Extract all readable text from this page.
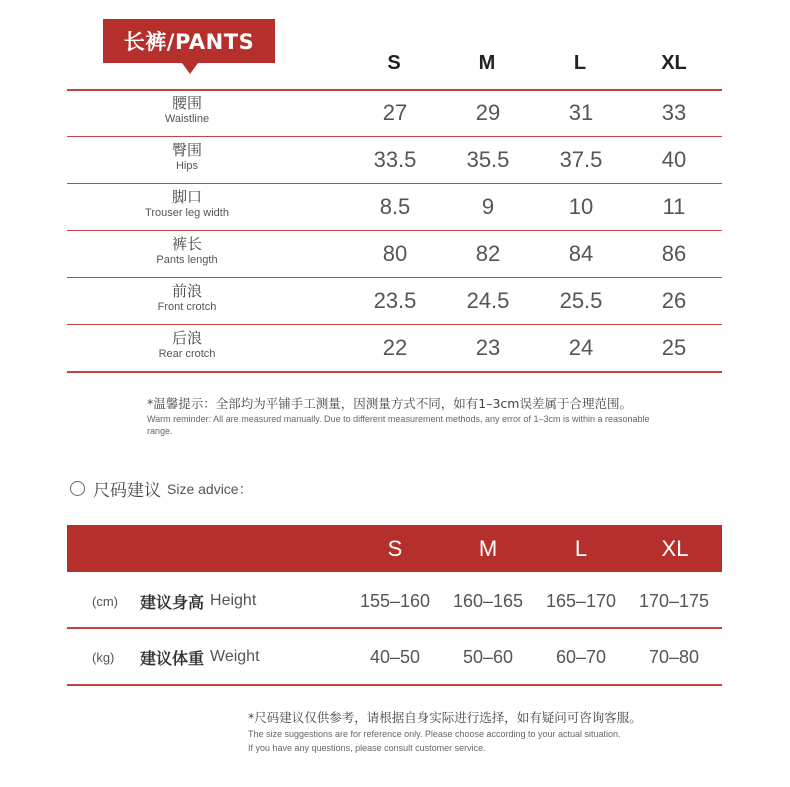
长裤/PANTS
S	M	L	XL
腰围
Waistline	27	29	31	33
臀围
Hips	33.5	35.5	37.5	40
脚口
Trouser leg width	8.5	9	10	11
裤长
Pants length	80	82	84	86
前浪
Front crotch	23.5	24.5	25.5	26
后浪
Rear crotch	22	23	24	25
*温馨提示：全部均为平铺手工测量，因测量方式不同，如有1–3cm误差属于合理范围。
Warm reminder: All are measured manually. Due to different measurement methods, any error of 1–3cm is within a reasonable range.
尺码建议 Size advice：
S	M	L	XL
(cm) 建议身高 Height	155–160	160–165	165–170	170–175
(kg) 建议体重 Weight	40–50	50–60	60–70	70–80
*尺码建议仅供参考，请根据自身实际进行选择，如有疑问可咨询客服。
The size suggestions are for reference only. Please choose according to your actual situation.
If you have any questions, please consult customer service.
